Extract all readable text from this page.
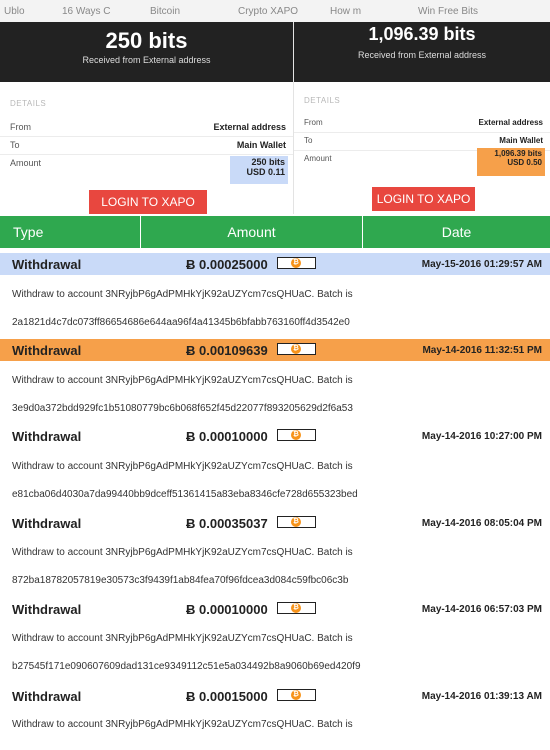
Ublo	16 Ways C	Bitcoin	Crypto XAPO	How m	Win Free Bits
250 bits
Received from External address
DETAILS
From	External address
To	Main Wallet
Amount	250 bits
USD 0.11
LOGIN TO XAPO
1,096.39 bits
Received from External address
DETAILS
From	External address
To	Main Wallet
Amount
1,096.39 bits
USD 0.50
LOGIN TO XAPO
Type	Amount	Date
Withdrawal	Ƀ 0.00025000	₿	May-15-2016 01:29:57 AM
Withdraw to account 3NRyjbP6gAdPMHkYjK92aUZYcm7csQHUaC. Batch is
2a1821d4c7dc073ff86654686e644aa96f4a41345b6bfabb763160ff4d3542e0
Withdrawal	Ƀ 0.00109639	₿	May-14-2016 11:32:51 PM
Withdraw to account 3NRyjbP6gAdPMHkYjK92aUZYcm7csQHUaC. Batch is
3e9d0a372bdd929fc1b51080779bc6b068f652f45d22077f893205629d2f6a53
Withdrawal	Ƀ 0.00010000	₿	May-14-2016 10:27:00 PM
Withdraw to account 3NRyjbP6gAdPMHkYjK92aUZYcm7csQHUaC. Batch is
e81cba06d4030a7da99440bb9dceff51361415a83eba8346cfe728d655323bed
Withdrawal	Ƀ 0.00035037	₿	May-14-2016 08:05:04 PM
Withdraw to account 3NRyjbP6gAdPMHkYjK92aUZYcm7csQHUaC. Batch is
872ba18782057819e30573c3f9439f1ab84fea70f96fdcea3d084c59fbc06c3b
Withdrawal	Ƀ 0.00010000	₿	May-14-2016 06:57:03 PM
Withdraw to account 3NRyjbP6gAdPMHkYjK92aUZYcm7csQHUaC. Batch is
b27545f171e090607609dad131ce9349112c51e5a034492b8a9060b69ed420f9
Withdrawal	Ƀ 0.00015000	₿	May-14-2016 01:39:13 AM
Withdraw to account 3NRyjbP6gAdPMHkYjK92aUZYcm7csQHUaC. Batch is
